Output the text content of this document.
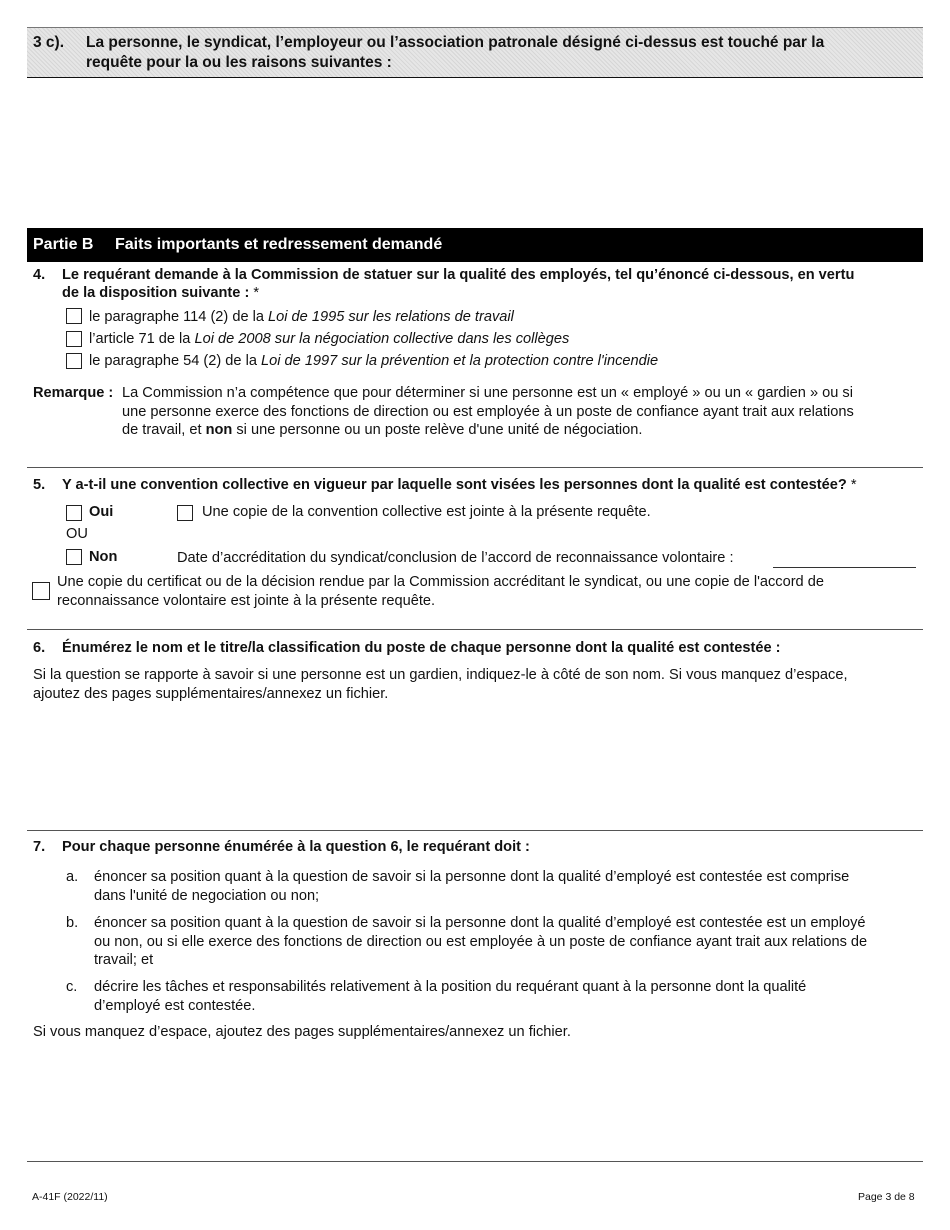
3 c). La personne, le syndicat, l’employeur ou l’association patronale désigné ci-dessus est touché par la
requête pour la ou les raisons suivantes :
Partie B Faits importants et redressement demandé
4. Le requérant demande à la Commission de statuer sur la qualité des employés, tel qu’énoncé ci-dessous, en vertu
de la disposition suivante : *
le paragraphe 114 (2) de la Loi de 1995 sur les relations de travail
l’article 71 de la Loi de 2008 sur la négociation collective dans les collèges
le paragraphe 54 (2) de la Loi de 1997 sur la prévention et la protection contre l'incendie
Remarque : La Commission n’a compétence que pour déterminer si une personne est un « employé » ou un « gardien » ou si
une personne exerce des fonctions de direction ou est employée à un poste de confiance ayant trait aux relations
de travail, et non si une personne ou un poste relève d'une unité de négociation.
5. Y a-t-il une convention collective en vigueur par laquelle sont visées les personnes dont la qualité est contestée? *
Oui	Une copie de la convention collective est jointe à la présente requête.
OU
Non	Date d’accréditation du syndicat/conclusion de l’accord de reconnaissance volontaire :
Une copie du certificat ou de la décision rendue par la Commission accréditant le syndicat, ou une copie de l'accord de
reconnaissance volontaire est jointe à la présente requête.
6. Énumérez le nom et le titre/la classification du poste de chaque personne dont la qualité est contestée :
Si la question se rapporte à savoir si une personne est un gardien, indiquez-le à côté de son nom. Si vous manquez d’espace,
ajoutez des pages supplémentaires/annexez un fichier.
7. Pour chaque personne énumérée à la question 6, le requérant doit :
a. énoncer sa position quant à la question de savoir si la personne dont la qualité d’employé est contestée est comprise
dans l'unité de negociation ou non;
b. énoncer sa position quant à la question de savoir si la personne dont la qualité d’employé est contestée est un employé
ou non, ou si elle exerce des fonctions de direction ou est employée à un poste de confiance ayant trait aux relations de
travail; et
c. décrire les tâches et responsabilités relativement à la position du requérant quant à la personne dont la qualité
d’employé est contestée.
Si vous manquez d’espace, ajoutez des pages supplémentaires/annexez un fichier.
A-41F (2022/11)	Page 3 de 8
